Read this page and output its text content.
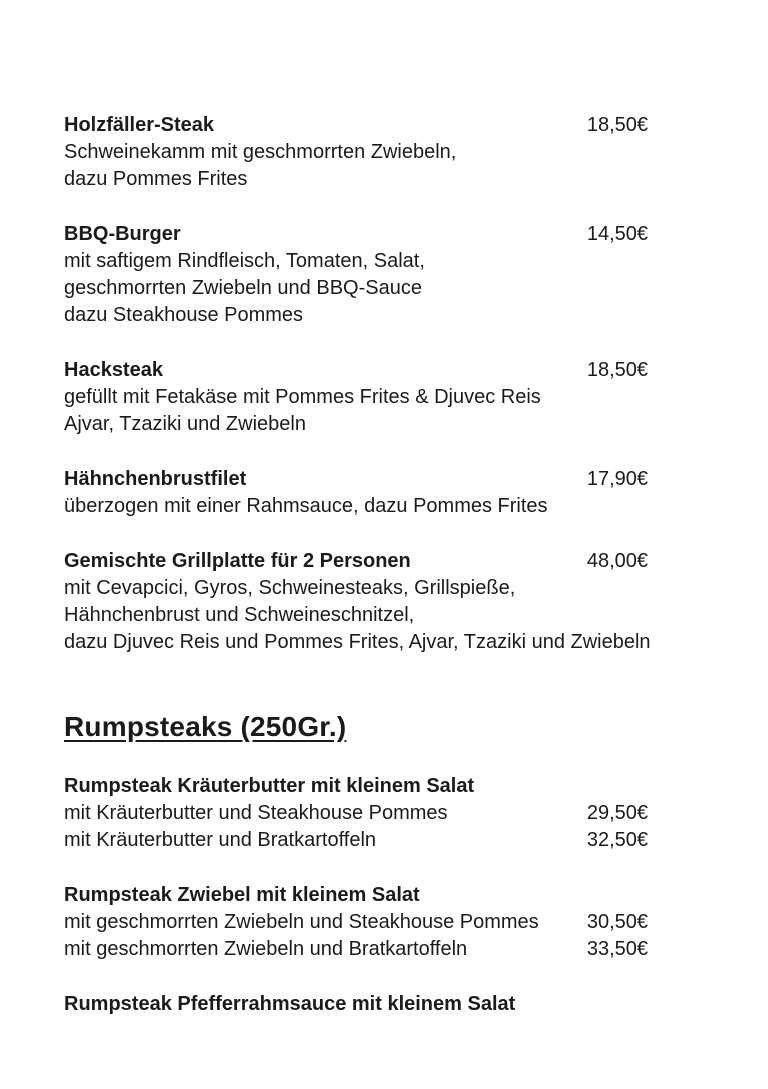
Holzfäller-Steak	18,50€
Schweinekamm mit geschmorrten Zwiebeln,
dazu Pommes Frites
BBQ-Burger	14,50€
mit saftigem Rindfleisch, Tomaten, Salat,
geschmorrten Zwiebeln und BBQ-Sauce
dazu Steakhouse Pommes
Hacksteak	18,50€
gefüllt mit Fetakäse mit Pommes Frites & Djuvec Reis
Ajvar, Tzaziki und Zwiebeln
Hähnchenbrustfilet	17,90€
überzogen mit einer Rahmsauce, dazu Pommes Frites
Gemischte Grillplatte für 2 Personen	48,00€
mit Cevapcici, Gyros, Schweinesteaks, Grillspieße,
Hähnchenbrust und Schweineschnitzel,
dazu Djuvec Reis und Pommes Frites, Ajvar, Tzaziki und Zwiebeln
Rumpsteaks (250Gr.)
Rumpsteak Kräuterbutter mit kleinem Salat
mit Kräuterbutter und Steakhouse Pommes	29,50€
mit Kräuterbutter und Bratkartoffeln	32,50€
Rumpsteak Zwiebel mit kleinem Salat
mit geschmorrten Zwiebeln und Steakhouse Pommes 30,50€
mit geschmorrten Zwiebeln und Bratkartoffeln	33,50€
Rumpsteak Pfefferrahmsauce mit kleinem Salat
